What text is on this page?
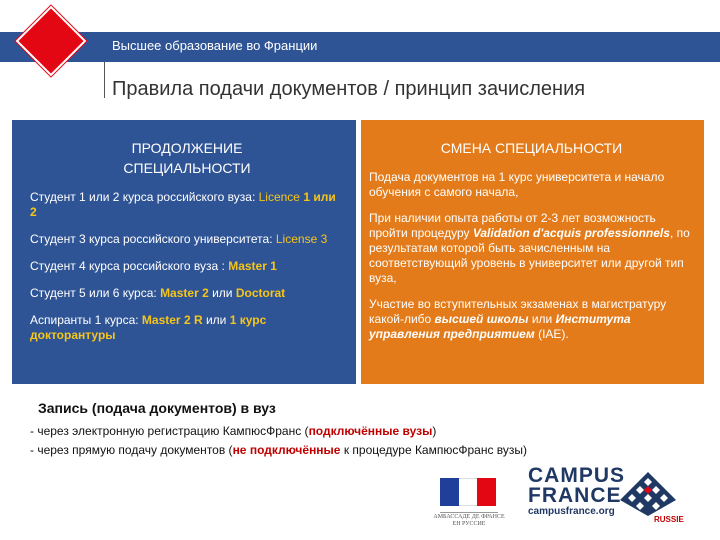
Высшее образование во Франции
Правила подачи документов / принцип зачисления
ПРОДОЛЖЕНИЕ
СПЕЦИАЛЬНОСТИ

Студент 1 или 2 курса российского вуза: Licence 1 или 2

Студент 3 курса российского университета: License 3

Студент 4 курса российского вуза : Master 1

Студент 5 или 6 курса: Master 2 или Doctorat

Аспиранты 1 курса: Master 2 R или 1 курс докторантуры

СМЕНА СПЕЦИАЛЬНОСТИ

Подача документов на 1 курс университета и начало обучения с самого начала,

При наличии опыта работы от 2-3 лет возможность пройти процедуру Validation d'acquis professionnels, по результатам которой быть зачисленным на соответствующий уровень в университет или другой тип вуза,

Участие во вступительных экзаменах в магистратуру какой-либо высшей школы или Института управления предприятием (IAE).

Запись (подача документов) в вуз
- через электронную регистрацию КампюсФранс (подключённые вузы)
- через прямую подачу документов (не подключённые к процедуре КампюсФранс вузы)
АМБАССАДЕ ДЕ ФРАНСЕ
ЕН РУССИЕ
CAMPUS
FRANCE
campusfrance.org
RUSSIE
